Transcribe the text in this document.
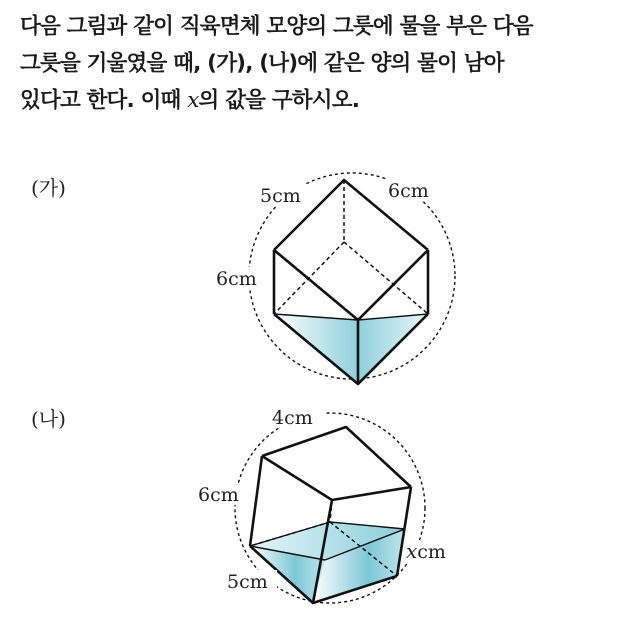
다음 그림과 같이 직육면체 모양의 그릇에 물을 부은 다음
그릇을 기울였을 때, (가), (나)에 같은 양의 물이 남아
있다고 한다. 이때 x의 값을 구하시오.
(가)
(나)
5cm	6cm
6cm
4cm
6cm
5cm
xcm
